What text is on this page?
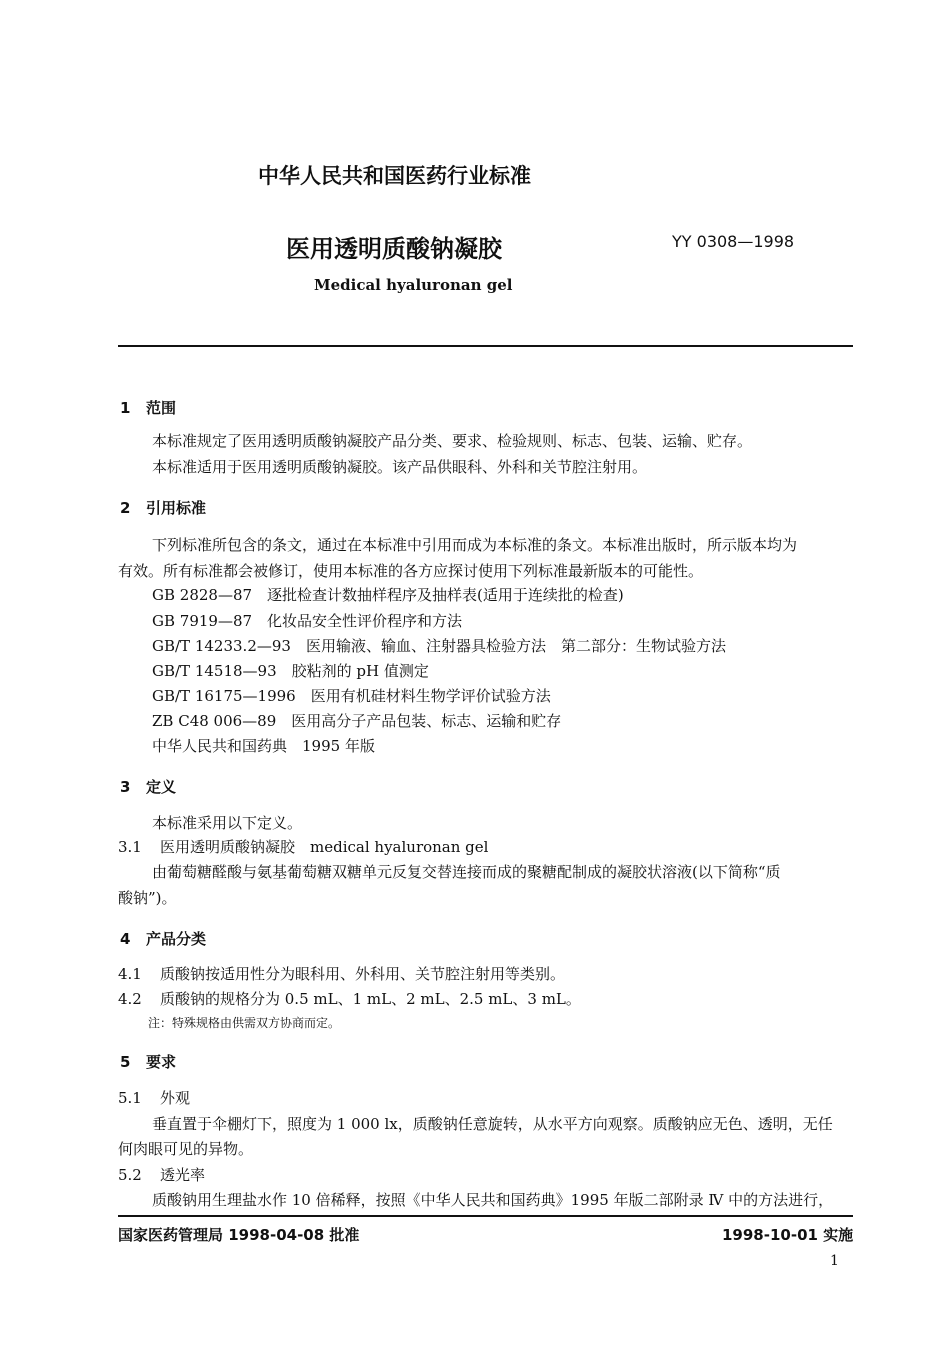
中华人民共和国医药行业标准
医用透明质酸钠凝胶	YY 0308—1998
Medical hyaluronan gel
1 范围
本标准规定了医用透明质酸钠凝胶产品分类、要求、检验规则、标志、包装、运输、贮存。
本标准适用于医用透明质酸钠凝胶。该产品供眼科、外科和关节腔注射用。
2 引用标准
下列标准所包含的条文，通过在本标准中引用而成为本标准的条文。本标准出版时，所示版本均为
有效。所有标准都会被修订，使用本标准的各方应探讨使用下列标准最新版本的可能性。
GB 2828—87　逐批检查计数抽样程序及抽样表(适用于连续批的检查)
GB 7919—87　化妆品安全性评价程序和方法
GB/T 14233.2—93　医用输液、输血、注射器具检验方法　第二部分：生物试验方法
GB/T 14518—93　胶粘剂的 pH 值测定
GB/T 16175—1996　医用有机硅材料生物学评价试验方法
ZB C48 006—89　医用高分子产品包装、标志、运输和贮存
中华人民共和国药典　1995 年版
3 定义
本标准采用以下定义。
3.1 医用透明质酸钠凝胶　medical hyaluronan gel
由葡萄糖醛酸与氨基葡萄糖双糖单元反复交替连接而成的聚糖配制成的凝胶状溶液(以下简称“质
酸钠”)。
4 产品分类
4.1 质酸钠按适用性分为眼科用、外科用、关节腔注射用等类别。
4.2 质酸钠的规格分为 0.5 mL、1 mL、2 mL、2.5 mL、3 mL。
注：特殊规格由供需双方协商而定。
5 要求
5.1 外观
垂直置于伞棚灯下，照度为 1 000 lx，质酸钠任意旋转，从水平方向观察。质酸钠应无色、透明，无任
何肉眼可见的异物。
5.2 透光率
质酸钠用生理盐水作 10 倍稀释，按照《中华人民共和国药典》1995 年版二部附录 Ⅳ 中的方法进行，
国家医药管理局 1998-04-08 批准	1998-10-01 实施
1
